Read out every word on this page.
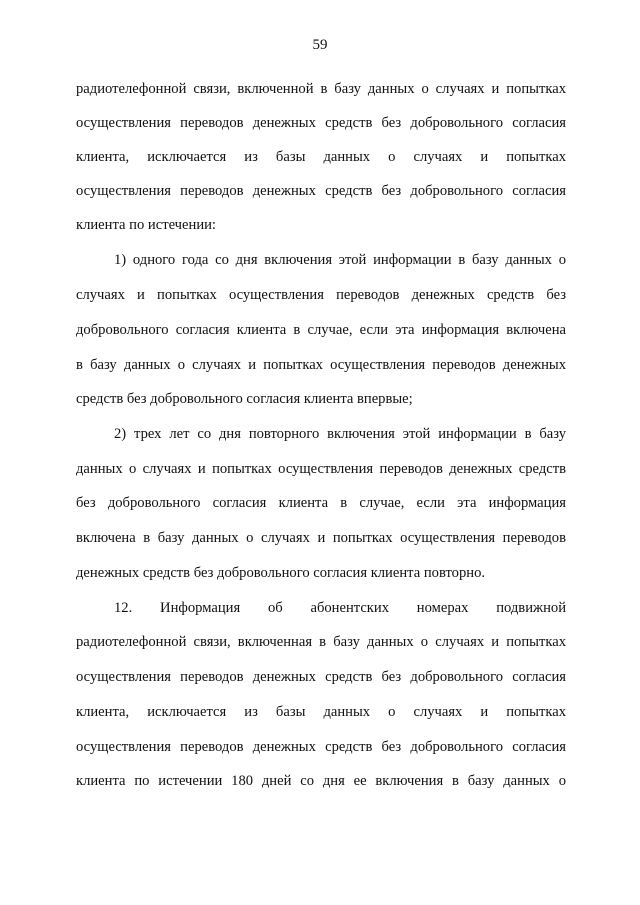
59
радиотелефонной связи, включенной в базу данных о случаях и попытках
осуществления переводов денежных средств без добровольного согласия
клиента, исключается из базы данных о случаях и попытках
осуществления переводов денежных средств без добровольного согласия
клиента по истечении:
1) одного года со дня включения этой информации в базу данных о
случаях и попытках осуществления переводов денежных средств без
добровольного согласия клиента в случае, если эта информация включена
в базу данных о случаях и попытках осуществления переводов денежных
средств без добровольного согласия клиента впервые;
2) трех лет со дня повторного включения этой информации в базу
данных о случаях и попытках осуществления переводов денежных средств
без добровольного согласия клиента в случае, если эта информация
включена в базу данных о случаях и попытках осуществления переводов
денежных средств без добровольного согласия клиента повторно.
12. Информация об абонентских номерах подвижной
радиотелефонной связи, включенная в базу данных о случаях и попытках
осуществления переводов денежных средств без добровольного согласия
клиента, исключается из базы данных о случаях и попытках
осуществления переводов денежных средств без добровольного согласия
клиента по истечении 180 дней со дня ее включения в базу данных о
